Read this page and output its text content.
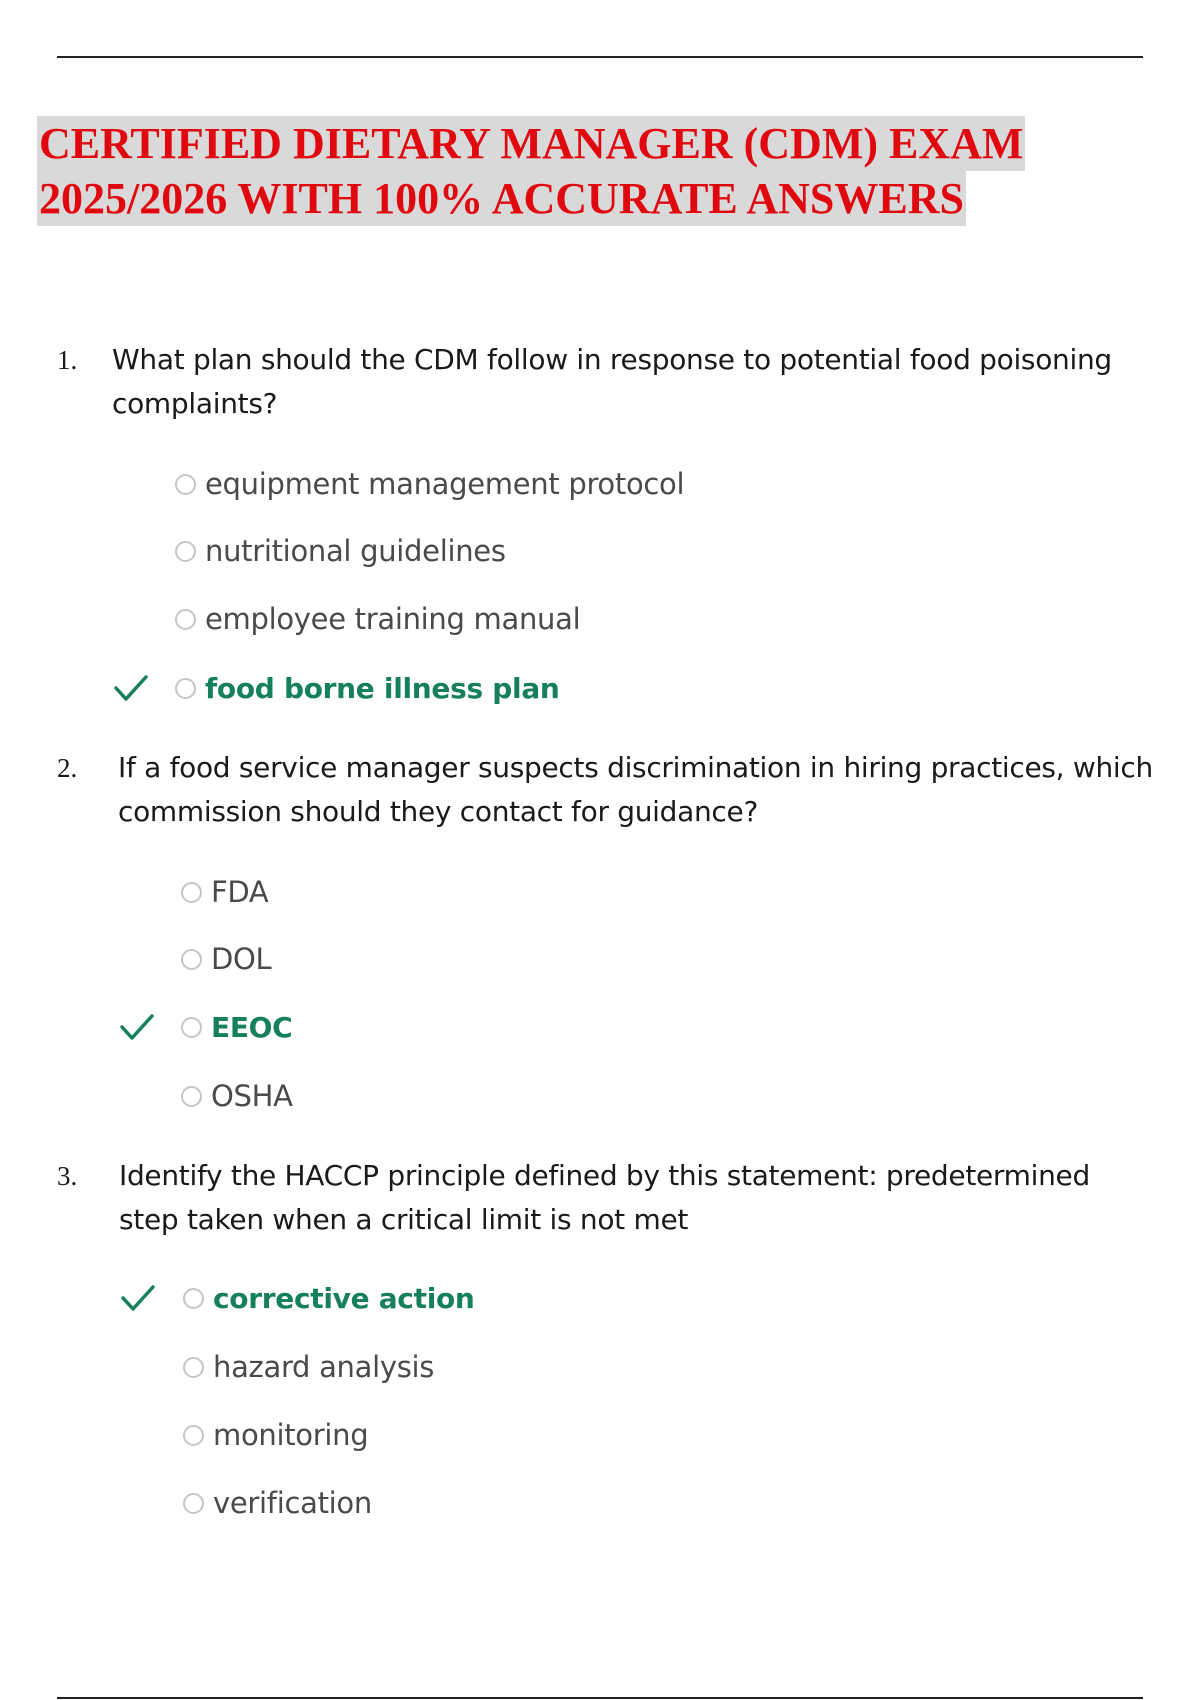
CERTIFIED DIETARY MANAGER (CDM) EXAM
2025/2026 WITH 100% ACCURATE ANSWERS
1. What plan should the CDM follow in response to potential food poisoning
complaints?
equipment management protocol
nutritional guidelines
employee training manual
food borne illness plan
2. If a food service manager suspects discrimination in hiring practices, which
commission should they contact for guidance?
FDA
DOL
EEOC
OSHA
3. Identify the HACCP principle defined by this statement: predetermined
step taken when a critical limit is not met
corrective action
hazard analysis
monitoring
verification
